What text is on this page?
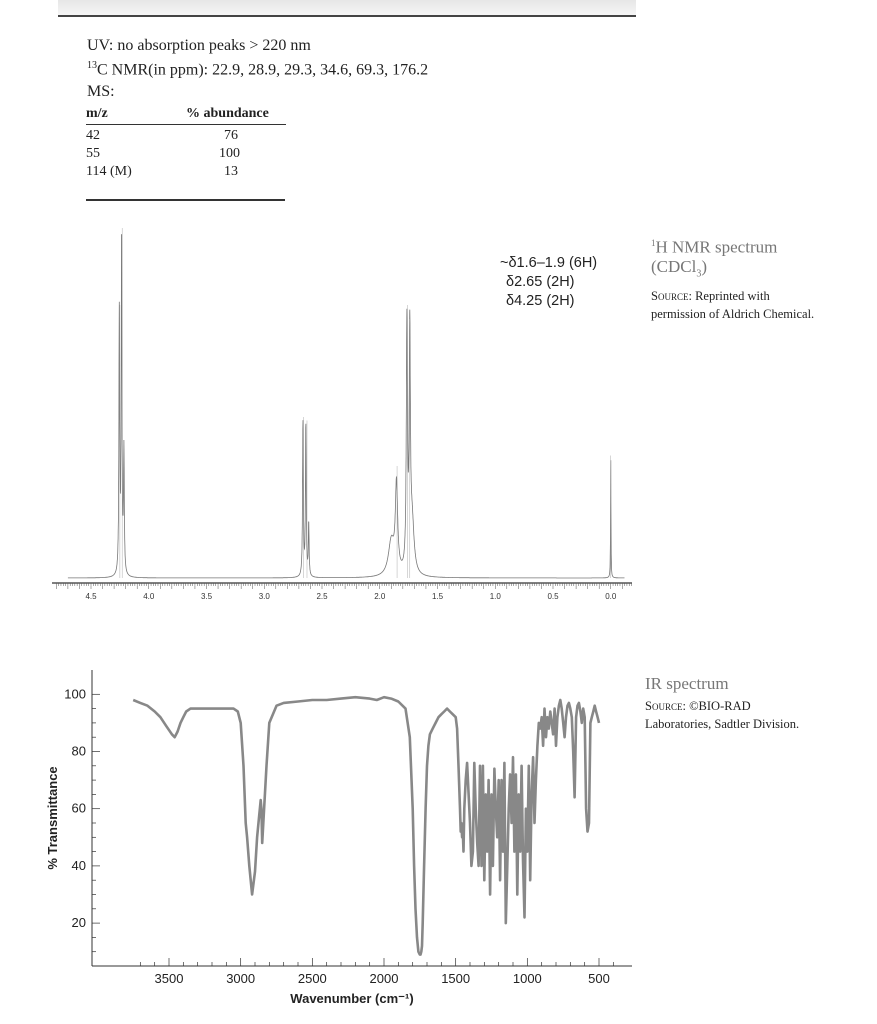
UV: no absorption peaks > 220 nm
$^{13}$C NMR(in ppm): 22.9, 28.9, 29.3, 34.6, 69.3, 176.2
MS:
m/z	% abundance
42	76
55	100
114 (M)	13
~δ1.6–1.9 (6H)
δ2.65 (2H)
δ4.25 (2H)
$^1$H NMR spectrum
(CDCl$_3$)
Source: Reprinted with
permission of Aldrich Chemical.
IR spectrum
Source: ©BIO-RAD
Laboratories, Sadtler Division.
4.5	4.0	3.5	3.0	2.5	2.0	1.5	1.0	0.5	0.0
20
40
60
80
100
3500	3000	2500	2000	1500	1000	500
Wavenumber (cm⁻¹)
% Transmittance
